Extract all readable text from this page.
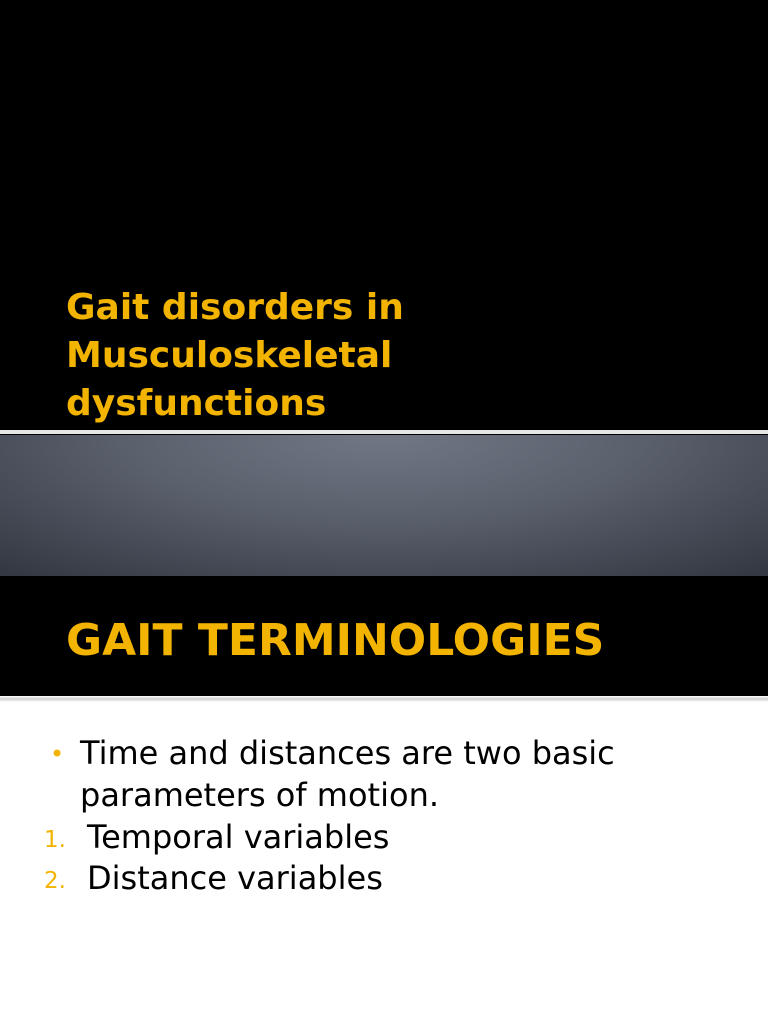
Gait disorders in
Musculoskeletal
dysfunctions
GAIT TERMINOLOGIES
• Time and distances are two basic parameters of motion.
1. Temporal variables
2. Distance variables
